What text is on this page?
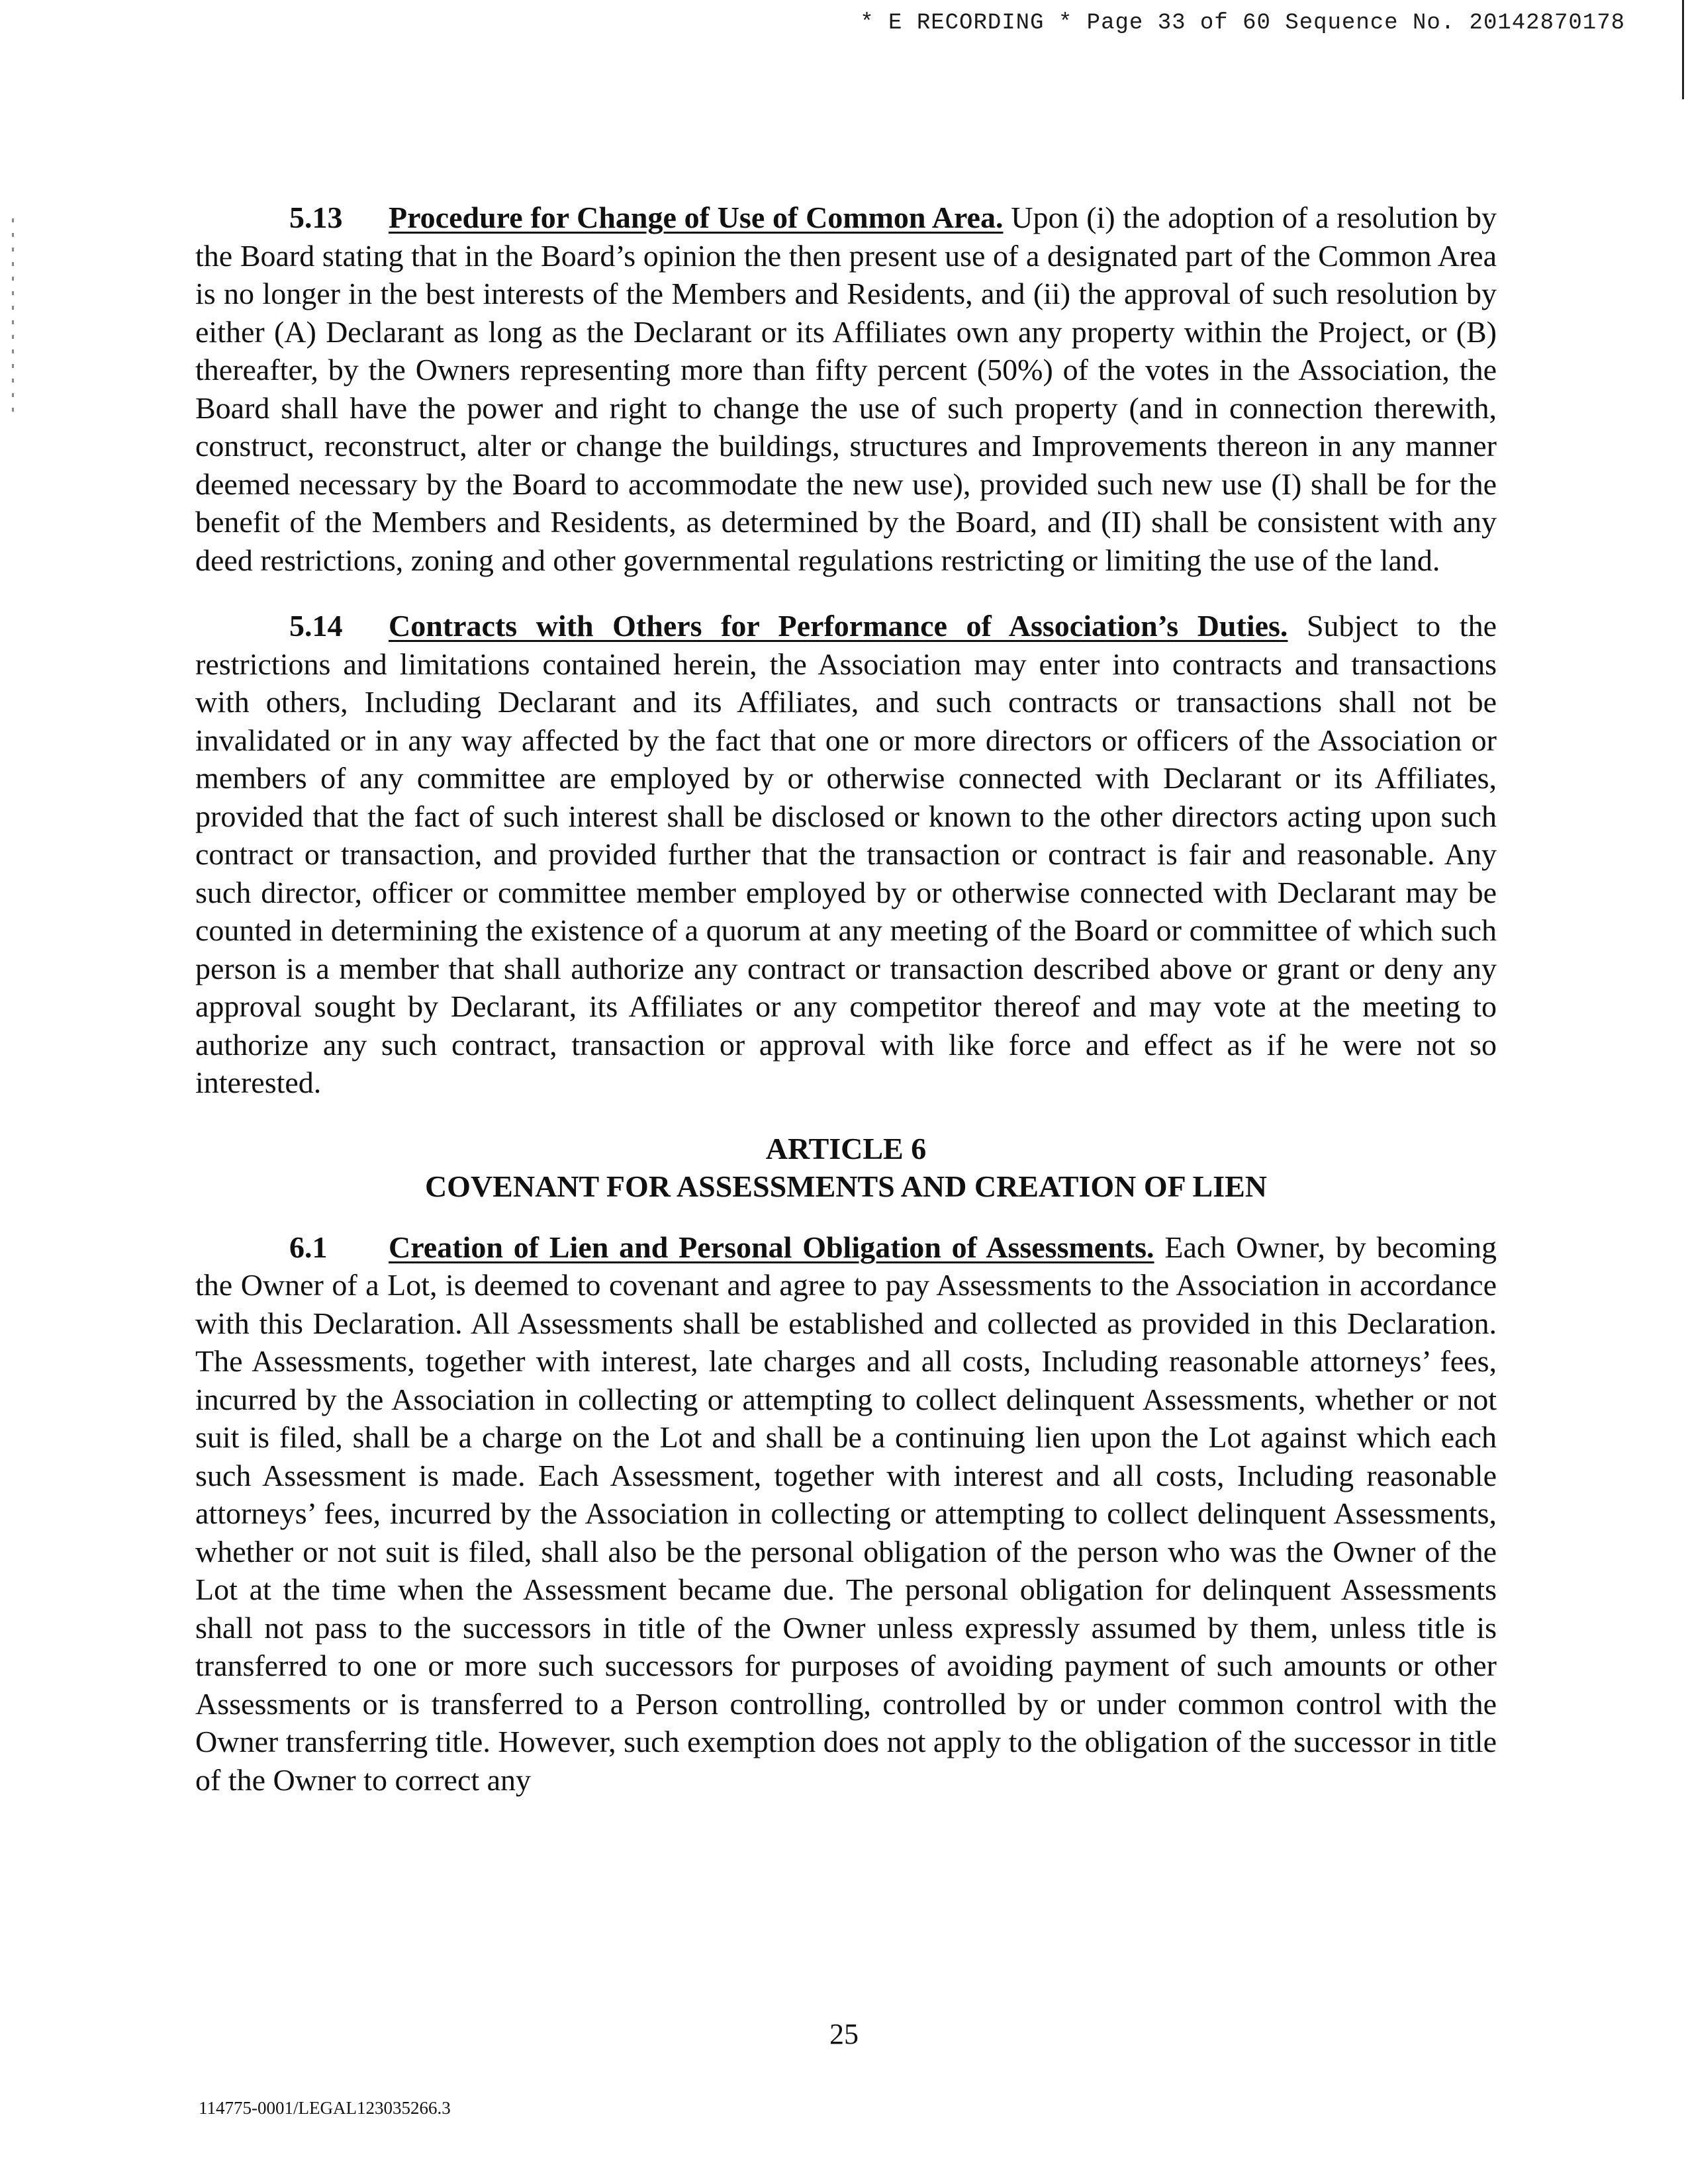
* E RECORDING * Page 33 of 60 Sequence No. 20142870178

5.13 Procedure for Change of Use of Common Area. Upon (i) the adoption of a resolution by the Board stating that in the Board’s opinion the then present use of a designated part of the Common Area is no longer in the best interests of the Members and Residents, and (ii) the approval of such resolution by either (A) Declarant as long as the Declarant or its Affiliates own any property within the Project, or (B) thereafter, by the Owners representing more than fifty percent (50%) of the votes in the Association, the Board shall have the power and right to change the use of such property (and in connection therewith, construct, reconstruct, alter or change the buildings, structures and Improvements thereon in any manner deemed necessary by the Board to accommodate the new use), provided such new use (I) shall be for the benefit of the Members and Residents, as determined by the Board, and (II) shall be consistent with any deed restrictions, zoning and other governmental regulations restricting or limiting the use of the land.

5.14 Contracts with Others for Performance of Association’s Duties. Subject to the restrictions and limitations contained herein, the Association may enter into contracts and transactions with others, Including Declarant and its Affiliates, and such contracts or transactions shall not be invalidated or in any way affected by the fact that one or more directors or officers of the Association or members of any committee are employed by or otherwise connected with Declarant or its Affiliates, provided that the fact of such interest shall be disclosed or known to the other directors acting upon such contract or transaction, and provided further that the transaction or contract is fair and reasonable. Any such director, officer or committee member employed by or otherwise connected with Declarant may be counted in determining the existence of a quorum at any meeting of the Board or committee of which such person is a member that shall authorize any contract or transaction described above or grant or deny any approval sought by Declarant, its Affiliates or any competitor thereof and may vote at the meeting to authorize any such contract, transaction or approval with like force and effect as if he were not so interested.

ARTICLE 6
COVENANT FOR ASSESSMENTS AND CREATION OF LIEN

6.1 Creation of Lien and Personal Obligation of Assessments. Each Owner, by becoming the Owner of a Lot, is deemed to covenant and agree to pay Assessments to the Association in accordance with this Declaration. All Assessments shall be established and collected as provided in this Declaration. The Assessments, together with interest, late charges and all costs, Including reasonable attorneys’ fees, incurred by the Association in collecting or attempting to collect delinquent Assessments, whether or not suit is filed, shall be a charge on the Lot and shall be a continuing lien upon the Lot against which each such Assessment is made. Each Assessment, together with interest and all costs, Including reasonable attorneys’ fees, incurred by the Association in collecting or attempting to collect delinquent Assessments, whether or not suit is filed, shall also be the personal obligation of the person who was the Owner of the Lot at the time when the Assessment became due. The personal obligation for delinquent Assessments shall not pass to the successors in title of the Owner unless expressly assumed by them, unless title is transferred to one or more such successors for purposes of avoiding payment of such amounts or other Assessments or is transferred to a Person controlling, controlled by or under common control with the Owner transferring title. However, such exemption does not apply to the obligation of the successor in title of the Owner to correct any

25
114775-0001/LEGAL123035266.3
